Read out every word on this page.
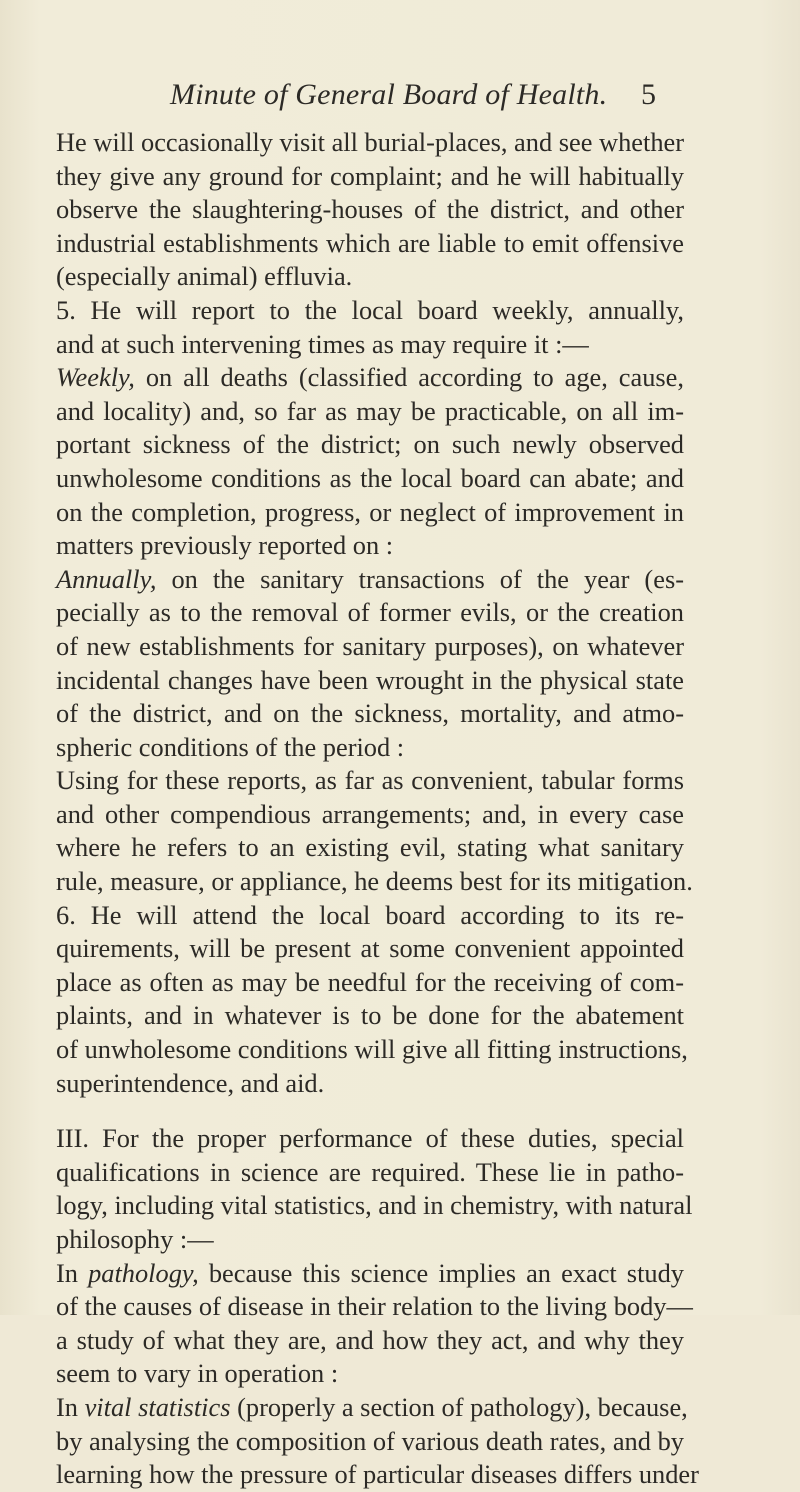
Minute of General Board of Health. 5
He will occasionally visit all burial-places, and see whether
they give any ground for complaint; and he will habitually
observe the slaughtering-houses of the district, and other
industrial establishments which are liable to emit offensive
(especially animal) effluvia.
5. He will report to the local board weekly, annually,
and at such intervening times as may require it :—
Weekly, on all deaths (classified according to age, cause,
and locality) and, so far as may be practicable, on all im-
portant sickness of the district; on such newly observed
unwholesome conditions as the local board can abate; and
on the completion, progress, or neglect of improvement in
matters previously reported on :
Annually, on the sanitary transactions of the year (es-
pecially as to the removal of former evils, or the creation
of new establishments for sanitary purposes), on whatever
incidental changes have been wrought in the physical state
of the district, and on the sickness, mortality, and atmo-
spheric conditions of the period :
Using for these reports, as far as convenient, tabular forms
and other compendious arrangements; and, in every case
where he refers to an existing evil, stating what sanitary
rule, measure, or appliance, he deems best for its mitigation.
6. He will attend the local board according to its re-
quirements, will be present at some convenient appointed
place as often as may be needful for the receiving of com-
plaints, and in whatever is to be done for the abatement
of unwholesome conditions will give all fitting instructions,
superintendence, and aid.
III. For the proper performance of these duties, special
qualifications in science are required. These lie in patho-
logy, including vital statistics, and in chemistry, with natural
philosophy :—
In pathology, because this science implies an exact study
of the causes of disease in their relation to the living body—
a study of what they are, and how they act, and why they
seem to vary in operation :
In vital statistics (properly a section of pathology), because,
by analysing the composition of various death rates, and by
learning how the pressure of particular diseases differs under
